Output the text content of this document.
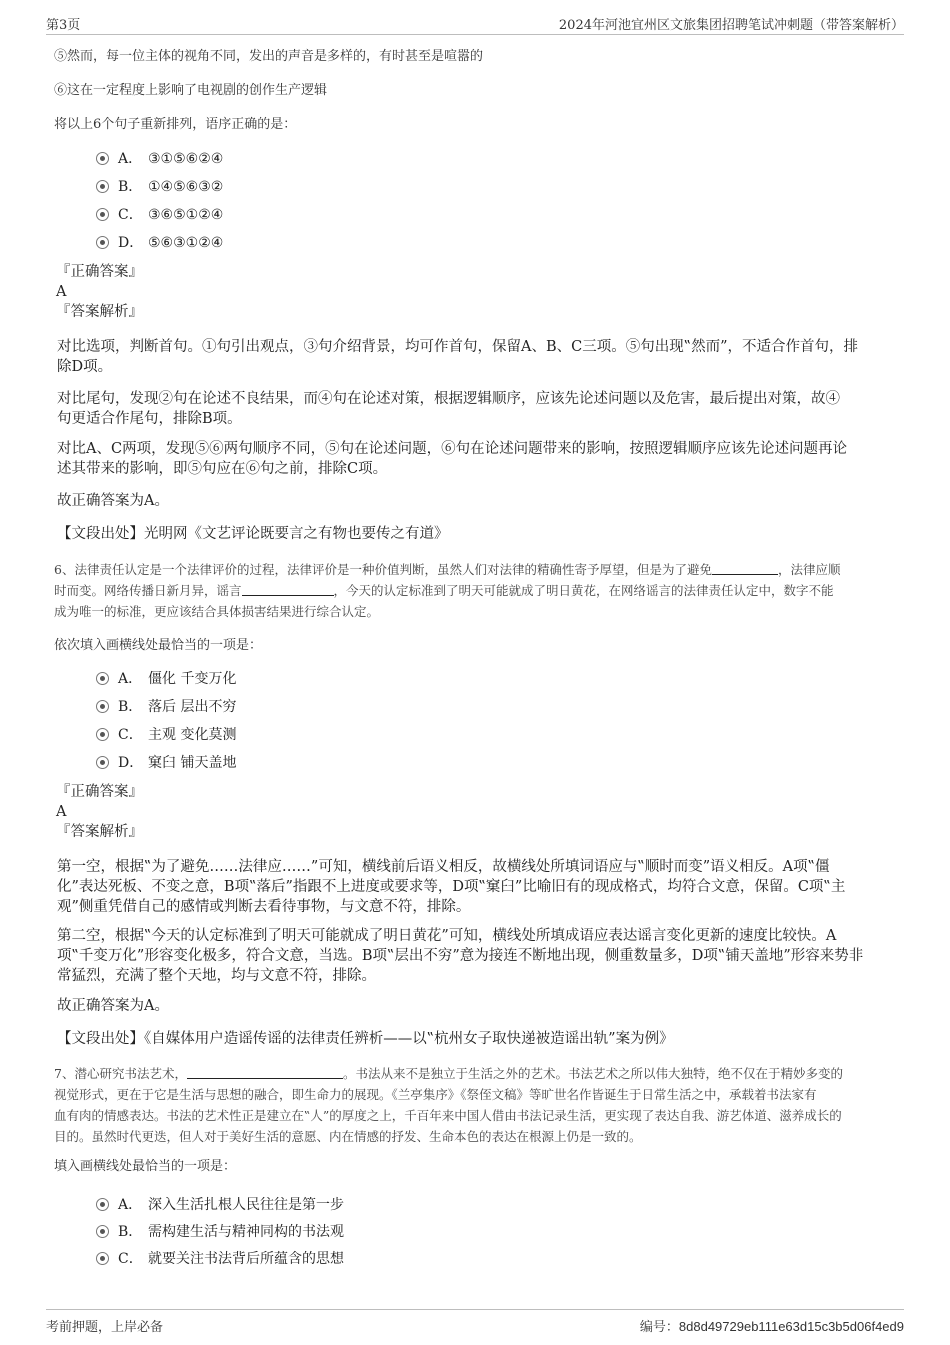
第3页	2024年河池宜州区文旅集团招聘笔试冲刺题（带答案解析）
⑤然而，每一位主体的视角不同，发出的声音是多样的，有时甚至是喧嚣的
⑥这在一定程度上影响了电视剧的创作生产逻辑
将以上6个句子重新排列，语序正确的是：
A． ③①⑤⑥②④
B． ①④⑤⑥③②
C． ③⑥⑤①②④
D． ⑤⑥③①②④
『正确答案』
A
『答案解析』
对比选项，判断首句。①句引出观点，③句介绍背景，均可作首句，保留A、B、C三项。⑤句出现‟然而”，不适合作首句，排
除D项。
对比尾句，发现②句在论述不良结果，而④句在论述对策，根据逻辑顺序，应该先论述问题以及危害，最后提出对策，故④
句更适合作尾句，排除B项。
对比A、C两项，发现⑤⑥两句顺序不同，⑤句在论述问题，⑥句在论述问题带来的影响，按照逻辑顺序应该先论述问题再论
述其带来的影响，即⑤句应在⑥句之前，排除C项。
故正确答案为A。
【文段出处】光明网《文艺评论既要言之有物也要传之有道》
6、法律责任认定是一个法律评价的过程，法律评价是一种价值判断，虽然人们对法律的精确性寄予厚望，但是为了避免	，法律应顺
时而变。网络传播日新月异，谣言	，今天的认定标准到了明天可能就成了明日黄花，在网络谣言的法律责任认定中，数字不能
成为唯一的标准，更应该结合具体损害结果进行综合认定。
依次填入画横线处最恰当的一项是：
A． 僵化 千变万化
B． 落后 层出不穷
C． 主观 变化莫测
D． 窠臼 铺天盖地
『正确答案』
A
『答案解析』
第一空，根据‟为了避免……法律应……”可知，横线前后语义相反，故横线处所填词语应与‟顺时而变”语义相反。A项‟僵
化”表达死板、不变之意，B项‟落后”指跟不上进度或要求等，D项‟窠臼”比喻旧有的现成格式，均符合文意，保留。C项‟主
观”侧重凭借自己的感情或判断去看待事物，与文意不符，排除。
第二空，根据‟今天的认定标准到了明天可能就成了明日黄花”可知，横线处所填成语应表达谣言变化更新的速度比较快。A
项‟千变万化”形容变化极多，符合文意，当选。B项‟层出不穷”意为接连不断地出现，侧重数量多，D项‟铺天盖地”形容来势非
常猛烈，充满了整个天地，均与文意不符，排除。
故正确答案为A。
【文段出处】《自媒体用户造谣传谣的法律责任辨析——以‟杭州女子取快递被造谣出轨”案为例》
7、潜心研究书法艺术，	。书法从来不是独立于生活之外的艺术。书法艺术之所以伟大独特，绝不仅在于精妙多变的
视觉形式，更在于它是生活与思想的融合，即生命力的展现。《兰亭集序》《祭侄文稿》等旷世名作皆诞生于日常生活之中，承载着书法家有
血有肉的情感表达。书法的艺术性正是建立在‟人”的厚度之上，千百年来中国人借由书法记录生活，更实现了表达自我、游艺体道、滋养成长的
目的。虽然时代更迭，但人对于美好生活的意愿、内在情感的抒发、生命本色的表达在根源上仍是一致的。
填入画横线处最恰当的一项是：
A． 深入生活扎根人民往往是第一步
B． 需构建生活与精神同构的书法观
C． 就要关注书法背后所蕴含的思想
考前押题，上岸必备	编号：8d8d49729eb111e63d15c3b5d06f4ed9
